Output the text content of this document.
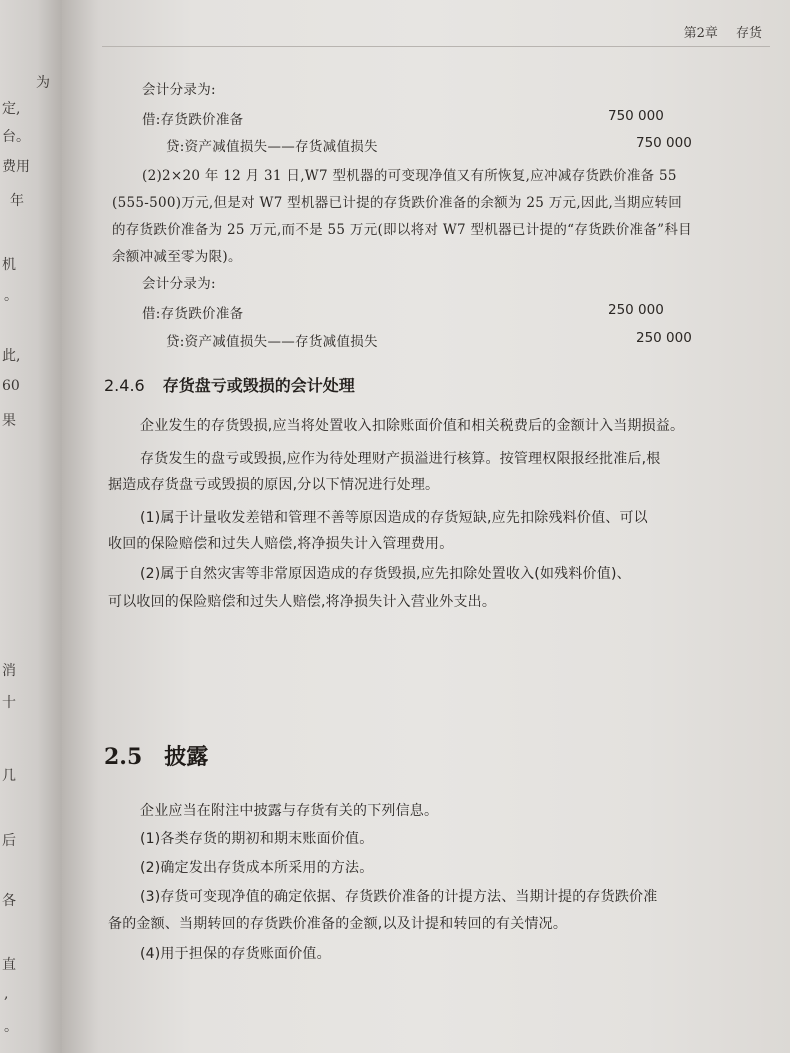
为
定,
台。
费用
年
机
。
此,
60
果
消
十
几
后
各
直
,
。
第2章 存货
会计分录为:
借:存货跌价准备	750 000
贷:资产减值损失——存货减值损失	750 000
(2)2×20 年 12 月 31 日,W7 型机器的可变现净值又有所恢复,应冲减存货跌价准备 55
(555-500)万元,但是对 W7 型机器已计提的存货跌价准备的余额为 25 万元,因此,当期应转回
的存货跌价准备为 25 万元,而不是 55 万元(即以将对 W7 型机器已计提的“存货跌价准备”科目
余额冲减至零为限)。
会计分录为:
借:存货跌价准备	250 000
贷:资产减值损失——存货减值损失	250 000
2.4.6 存货盘亏或毁损的会计处理
企业发生的存货毁损,应当将处置收入扣除账面价值和相关税费后的金额计入当期损益。
存货发生的盘亏或毁损,应作为待处理财产损溢进行核算。按管理权限报经批准后,根
据造成存货盘亏或毁损的原因,分以下情况进行处理。
(1)属于计量收发差错和管理不善等原因造成的存货短缺,应先扣除残料价值、可以
收回的保险赔偿和过失人赔偿,将净损失计入管理费用。
(2)属于自然灾害等非常原因造成的存货毁损,应先扣除处置收入(如残料价值)、
可以收回的保险赔偿和过失人赔偿,将净损失计入营业外支出。
2.5 披露
企业应当在附注中披露与存货有关的下列信息。
(1)各类存货的期初和期末账面价值。
(2)确定发出存货成本所采用的方法。
(3)存货可变现净值的确定依据、存货跌价准备的计提方法、当期计提的存货跌价准
备的金额、当期转回的存货跌价准备的金额,以及计提和转回的有关情况。
(4)用于担保的存货账面价值。
